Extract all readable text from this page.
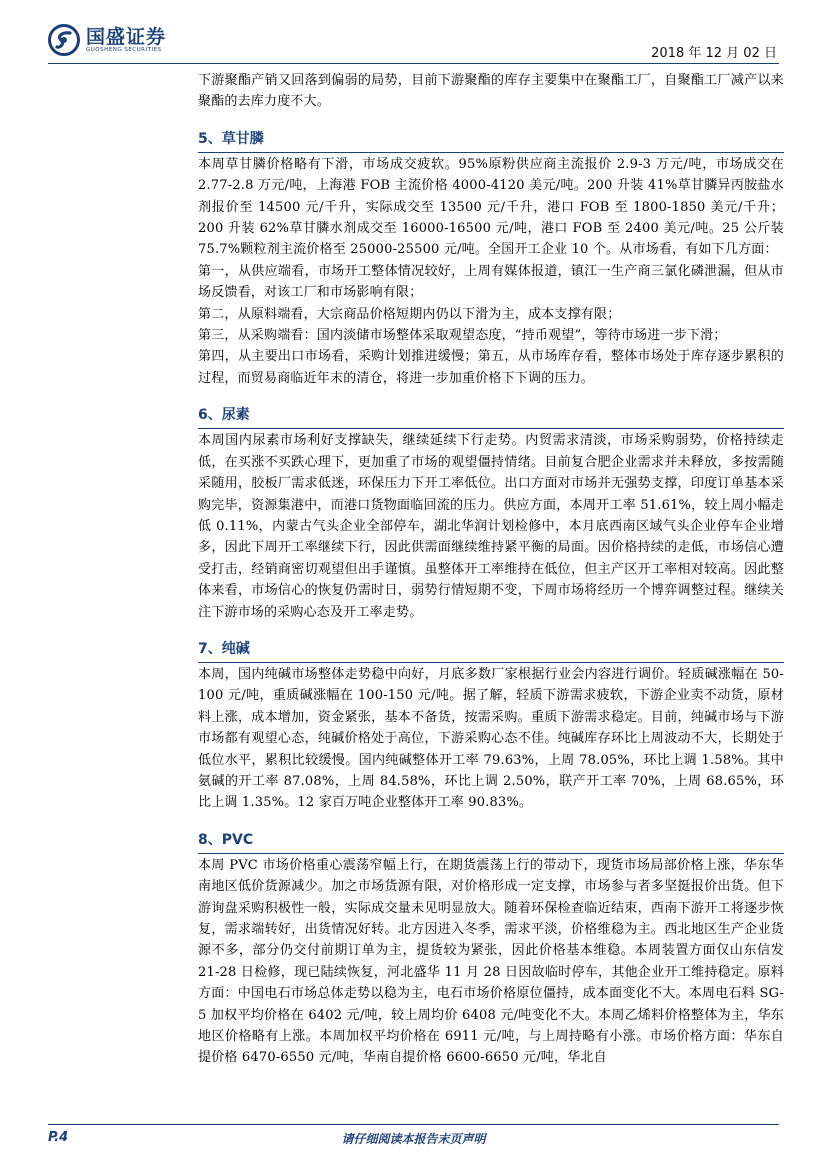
国盛证券
GUOSHENG SECURITIES	2018 年 12 月 02 日

下游聚酯产销又回落到偏弱的局势，目前下游聚酯的库存主要集中在聚酯工厂，自聚酯工厂减产以来聚酯的去库力度不大。

5、草甘膦

本周草甘膦价格略有下滑，市场成交疲软。95%原粉供应商主流报价 2.9-3 万元/吨，市场成交在 2.77-2.8 万元/吨，上海港 FOB 主流价格 4000-4120 美元/吨。200 升装 41%草甘膦异丙胺盐水剂报价至 14500 元/千升，实际成交至 13500 元/千升，港口 FOB 至 1800-1850 美元/千升；200 升装 62%草甘膦水剂成交至 16000-16500 元/吨，港口 FOB 至 2400 美元/吨。25 公斤装 75.7%颗粒剂主流价格至 25000-25500 元/吨。全国开工企业 10 个。从市场看，有如下几方面：

第一，从供应端看，市场开工整体情况较好，上周有媒体报道，镇江一生产商三氯化磷泄漏，但从市场反馈看，对该工厂和市场影响有限；

第二，从原料端看，大宗商品价格短期内仍以下滑为主，成本支撑有限；

第三，从采购端看：国内淡储市场整体采取观望态度，“持币观望”，等待市场进一步下滑；

第四，从主要出口市场看，采购计划推进缓慢；第五，从市场库存看，整体市场处于库存逐步累积的过程，而贸易商临近年末的清仓，将进一步加重价格下下调的压力。

6、尿素

本周国内尿素市场利好支撑缺失，继续延续下行走势。内贸需求清淡，市场采购弱势，价格持续走低，在买涨不买跌心理下，更加重了市场的观望僵持情绪。目前复合肥企业需求并未释放，多按需随采随用，胶板厂需求低迷，环保压力下开工率低位。出口方面对市场并无强势支撑，印度订单基本采购完毕，资源集港中，而港口货物面临回流的压力。供应方面，本周开工率 51.61%，较上周小幅走低 0.11%，内蒙古气头企业全部停车，湖北华润计划检修中，本月底西南区域气头企业停车企业增多，因此下周开工率继续下行，因此供需面继续维持紧平衡的局面。因价格持续的走低，市场信心遭受打击，经销商密切观望但出手谨慎。虽整体开工率维持在低位，但主产区开工率相对较高。因此整体来看，市场信心的恢复仍需时日，弱势行情短期不变，下周市场将经历一个博弈调整过程。继续关注下游市场的采购心态及开工率走势。

7、纯碱

本周，国内纯碱市场整体走势稳中向好，月底多数厂家根据行业会内容进行调价。轻质碱涨幅在 50-100 元/吨，重质碱涨幅在 100-150 元/吨。据了解，轻质下游需求疲软，下游企业卖不动货，原材料上涨，成本增加，资金紧张，基本不备货，按需采购。重质下游需求稳定。目前，纯碱市场与下游市场都有观望心态，纯碱价格处于高位，下游采购心态不佳。纯碱库存环比上周波动不大，长期处于低位水平，累积比较缓慢。国内纯碱整体开工率 79.63%，上周 78.05%，环比上调 1.58%。其中氨碱的开工率 87.08%，上周 84.58%，环比上调 2.50%，联产开工率 70%，上周 68.65%，环比上调 1.35%。12 家百万吨企业整体开工率 90.83%。

8、PVC

本周 PVC 市场价格重心震荡窄幅上行，在期货震荡上行的带动下，现货市场局部价格上涨，华东华南地区低价货源减少。加之市场货源有限，对价格形成一定支撑，市场参与者多坚挺报价出货。但下游询盘采购积极性一般，实际成交量未见明显放大。随着环保检查临近结束，西南下游开工将逐步恢复，需求端转好，出货情况好转。北方因进入冬季，需求平淡，价格维稳为主。西北地区生产企业货源不多，部分仍交付前期订单为主，提货较为紧张，因此价格基本维稳。本周装置方面仅山东信发 21-28 日检修，现已陆续恢复，河北盛华 11 月 28 日因故临时停车，其他企业开工维持稳定。原料方面：中国电石市场总体走势以稳为主，电石市场价格原位僵持，成本面变化不大。本周电石料 SG-5 加权平均价格在 6402 元/吨，较上周均价 6408 元/吨变化不大。本周乙烯料价格整体为主，华东地区价格略有上涨。本周加权平均价格在 6911 元/吨，与上周持略有小涨。市场价格方面：华东自提价格 6470-6550 元/吨，华南自提价格 6600-6650 元/吨，华北自

P.4	请仔细阅读本报告末页声明
